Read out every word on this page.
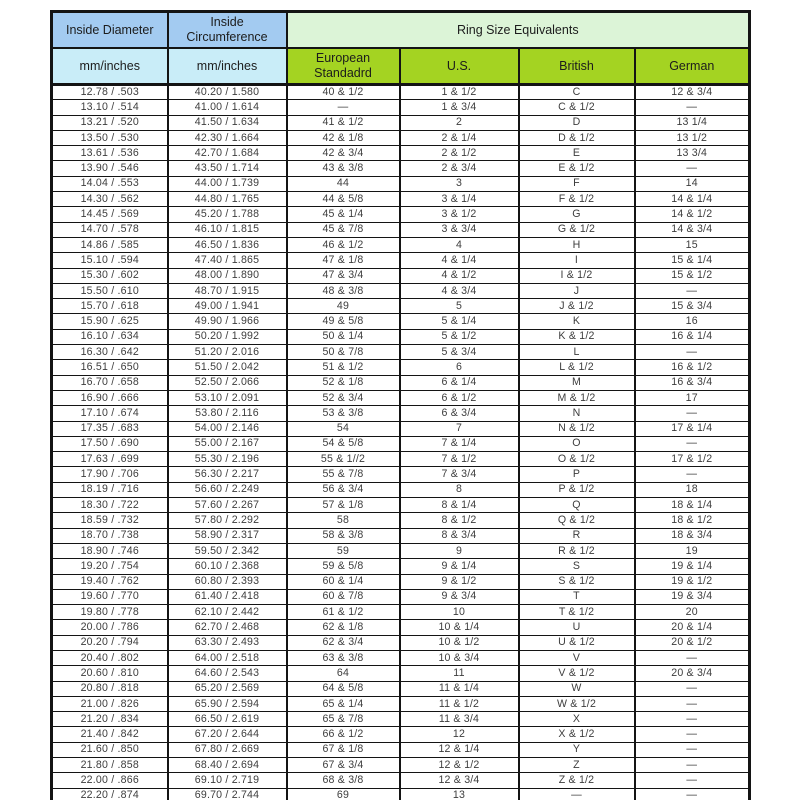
Inside Diameter	Inside Circumference	Ring Size Equivalents			
mm/inches	mm/inches	European Standadrd	U.S.	British	German
12.78 / .503	40.20 / 1.580	40 & 1/2	1 & 1/2	C	12 & 3/4
13.10 / .514	41.00 / 1.614	—	1 & 3/4	C & 1/2	—
13.21 / .520	41.50 / 1.634	41 & 1/2	2	D	13 1/4
13.50 / .530	42.30 / 1.664	42 & 1/8	2 & 1/4	D & 1/2	13 1/2
13.61 / .536	42.70 / 1.684	42 & 3/4	2 & 1/2	E	13 3/4
13.90 / .546	43.50 / 1.714	43 & 3/8	2 & 3/4	E & 1/2	—
14.04 / .553	44.00 / 1.739	44	3	F	14
14.30 / .562	44.80 / 1.765	44 & 5/8	3 & 1/4	F & 1/2	14 & 1/4
14.45 / .569	45.20 / 1.788	45 & 1/4	3 & 1/2	G	14 & 1/2
14.70 / .578	46.10 / 1.815	45 & 7/8	3 & 3/4	G & 1/2	14 & 3/4
14.86 / .585	46.50 / 1.836	46 & 1/2	4	H	15
15.10 / .594	47.40 / 1.865	47 & 1/8	4 & 1/4	I	15 & 1/4
15.30 / .602	48.00 / 1.890	47 & 3/4	4 & 1/2	I & 1/2	15 & 1/2
15.50 / .610	48.70 / 1.915	48 & 3/8	4 & 3/4	J	—
15.70 / .618	49.00 / 1.941	49	5	J & 1/2	15 & 3/4
15.90 / .625	49.90 / 1.966	49 & 5/8	5 & 1/4	K	16
16.10 / .634	50.20 / 1.992	50 & 1/4	5 & 1/2	K & 1/2	16 & 1/4
16.30 / .642	51.20 / 2.016	50 & 7/8	5 & 3/4	L	—
16.51 / .650	51.50 / 2.042	51 & 1/2	6	L & 1/2	16 & 1/2
16.70 / .658	52.50 / 2.066	52 & 1/8	6 & 1/4	M	16 & 3/4
16.90 / .666	53.10 / 2.091	52 & 3/4	6 & 1/2	M & 1/2	17
17.10 / .674	53.80 / 2.116	53 & 3/8	6 & 3/4	N	—
17.35 / .683	54.00 / 2.146	54	7	N & 1/2	17 & 1/4
17.50 / .690	55.00 / 2.167	54 & 5/8	7 & 1/4	O	—
17.63 / .699	55.30 / 2.196	55 & 1//2	7 & 1/2	O & 1/2	17 & 1/2
17.90 / .706	56.30 / 2.217	55 & 7/8	7 & 3/4	P	—
18.19 / .716	56.60 / 2.249	56 & 3/4	8	P & 1/2	18
18.30 / .722	57.60 / 2.267	57 & 1/8	8 & 1/4	Q	18 & 1/4
18.59 / .732	57.80 / 2.292	58	8 & 1/2	Q & 1/2	18 & 1/2
18.70 / .738	58.90 / 2.317	58 & 3/8	8 & 3/4	R	18 & 3/4
18.90 / .746	59.50 / 2.342	59	9	R & 1/2	19
19.20 / .754	60.10 / 2.368	59 & 5/8	9 & 1/4	S	19 & 1/4
19.40 / .762	60.80 / 2.393	60 & 1/4	9 & 1/2	S & 1/2	19 & 1/2
19.60 / .770	61.40 / 2.418	60 & 7/8	9 & 3/4	T	19 & 3/4
19.80 / .778	62.10 / 2.442	61 & 1/2	10	T & 1/2	20
20.00 / .786	62.70 / 2.468	62 & 1/8	10 & 1/4	U	20 & 1/4
20.20 / .794	63.30 / 2.493	62 & 3/4	10 & 1/2	U & 1/2	20 & 1/2
20.40 / .802	64.00 / 2.518	63 & 3/8	10 & 3/4	V	—
20.60 / .810	64.60 / 2.543	64	11	V & 1/2	20 & 3/4
20.80 / .818	65.20 / 2.569	64 & 5/8	11 & 1/4	W	—
21.00 / .826	65.90 / 2.594	65 & 1/4	11 & 1/2	W & 1/2	—
21.20 / .834	66.50 / 2.619	65 & 7/8	11 & 3/4	X	—
21.40 / .842	67.20 / 2.644	66 & 1/2	12	X & 1/2	—
21.60 / .850	67.80 / 2.669	67 & 1/8	12 & 1/4	Y	—
21.80 / .858	68.40 / 2.694	67 & 3/4	12 & 1/2	Z	—
22.00 / .866	69.10 / 2.719	68 & 3/8	12 & 3/4	Z & 1/2	—
22.20 / .874	69.70 / 2.744	69	13	—	—
